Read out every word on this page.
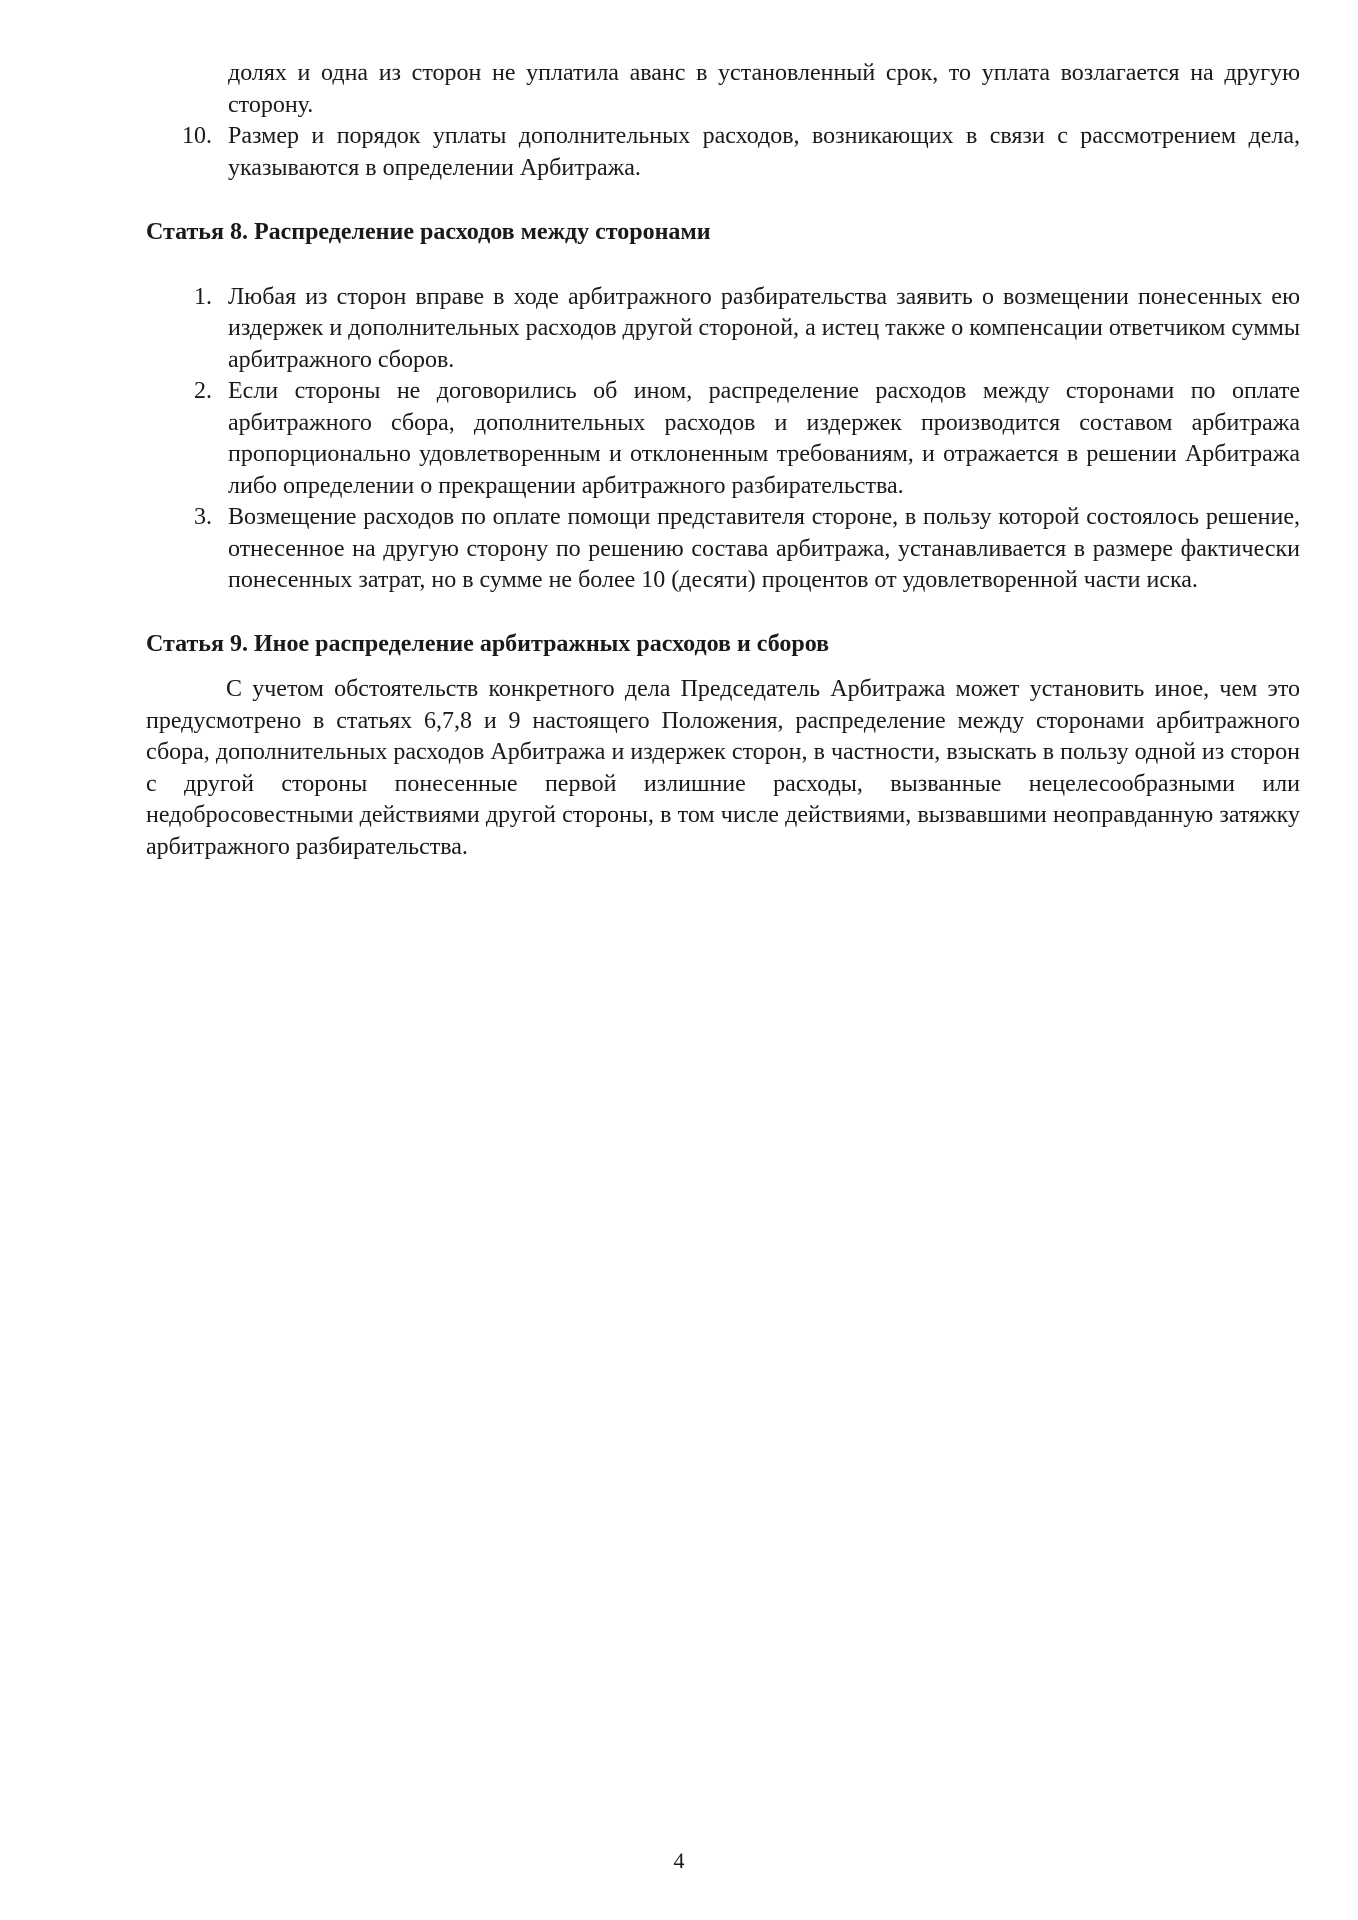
долях и одна из сторон не уплатила аванс в установленный срок, то уплата возлагается на другую сторону.
10. Размер и порядок уплаты дополнительных расходов, возникающих в связи с рассмотрением дела, указываются в определении Арбитража.
Статья 8. Распределение расходов между сторонами
1. Любая из сторон вправе в ходе арбитражного разбирательства заявить о возмещении понесенных ею издержек и дополнительных расходов другой стороной, а истец также о компенсации ответчиком суммы арбитражного сборов.
2. Если стороны не договорились об ином, распределение расходов между сторонами по оплате арбитражного сбора, дополнительных расходов и издержек производится составом арбитража пропорционально удовлетворенным и отклоненным требованиям, и отражается в решении Арбитража либо определении о прекращении арбитражного разбирательства.
3. Возмещение расходов по оплате помощи представителя стороне, в пользу которой состоялось решение, отнесенное на другую сторону по решению состава арбитража, устанавливается в размере фактически понесенных затрат, но в сумме не более 10 (десяти) процентов от удовлетворенной части иска.
Статья 9. Иное распределение арбитражных расходов и сборов
С учетом обстоятельств конкретного дела Председатель Арбитража может установить иное, чем это предусмотрено в статьях 6,7,8 и 9 настоящего Положения, распределение между сторонами арбитражного сбора, дополнительных расходов Арбитража и издержек сторон, в частности, взыскать в пользу одной из сторон с другой стороны понесенные первой излишние расходы, вызванные нецелесообразными или недобросовестными действиями другой стороны, в том числе действиями, вызвавшими неоправданную затяжку арбитражного разбирательства.
4
